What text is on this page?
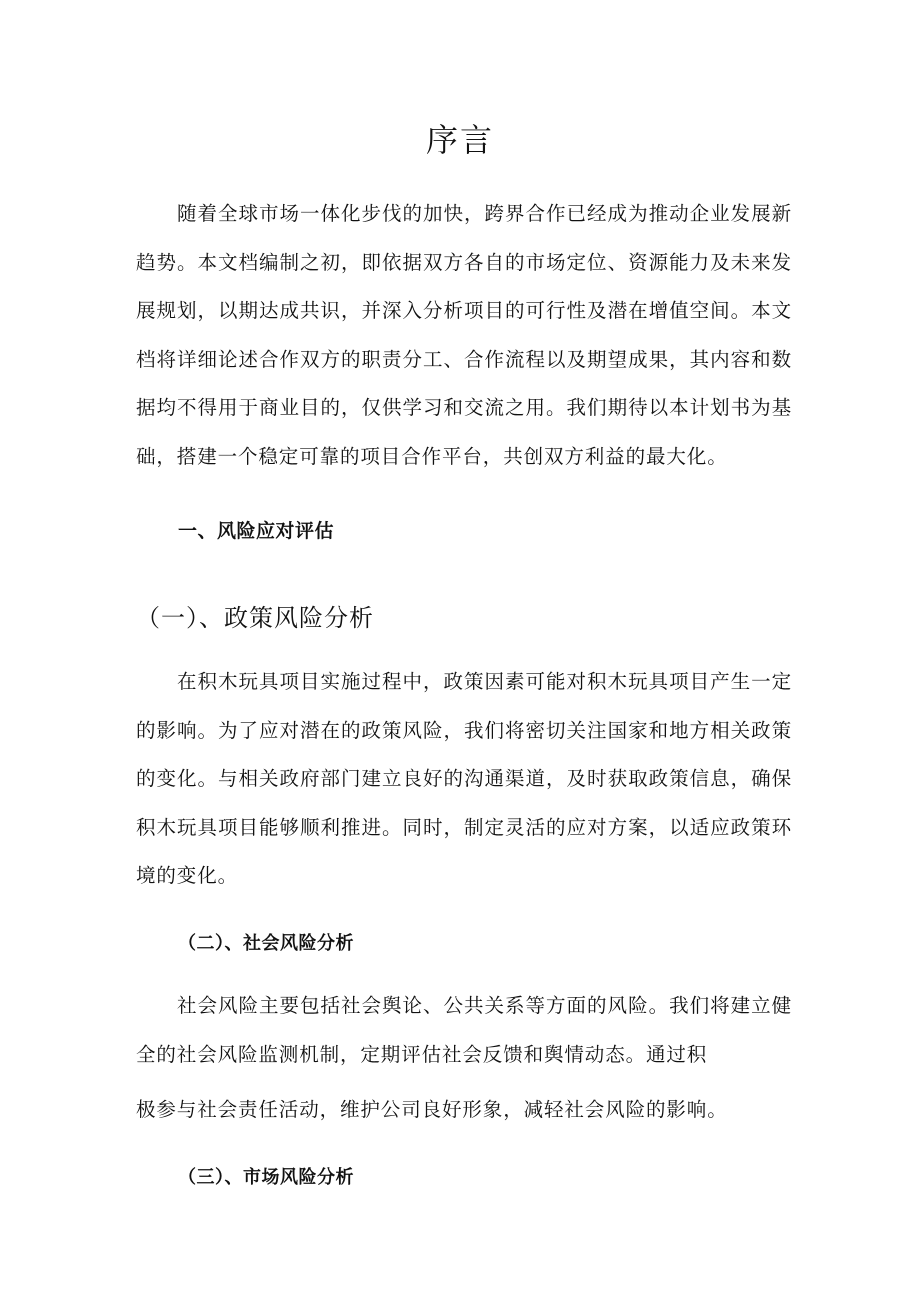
序言

随着全球市场一体化步伐的加快，跨界合作已经成为推动企业发展新趋势。本文档编制之初，即依据双方各自的市场定位、资源能力及未来发展规划，以期达成共识，并深入分析项目的可行性及潜在增值空间。本文档将详细论述合作双方的职责分工、合作流程以及期望成果，其内容和数据均不得用于商业目的，仅供学习和交流之用。我们期待以本计划书为基础，搭建一个稳定可靠的项目合作平台，共创双方利益的最大化。

一、风险应对评估
（一）、政策风险分析

在积木玩具项目实施过程中，政策因素可能对积木玩具项目产生一定的影响。为了应对潜在的政策风险，我们将密切关注国家和地方相关政策的变化。与相关政府部门建立良好的沟通渠道，及时获取政策信息，确保积木玩具项目能够顺利推进。同时，制定灵活的应对方案，以适应政策环境的变化。

（二）、社会风险分析

社会风险主要包括社会舆论、公共关系等方面的风险。我们将建立健全的社会风险监测机制，定期评估社会反馈和舆情动态。通过积

极参与社会责任活动，维护公司良好形象，减轻社会风险的影响。
（三）、市场风险分析
